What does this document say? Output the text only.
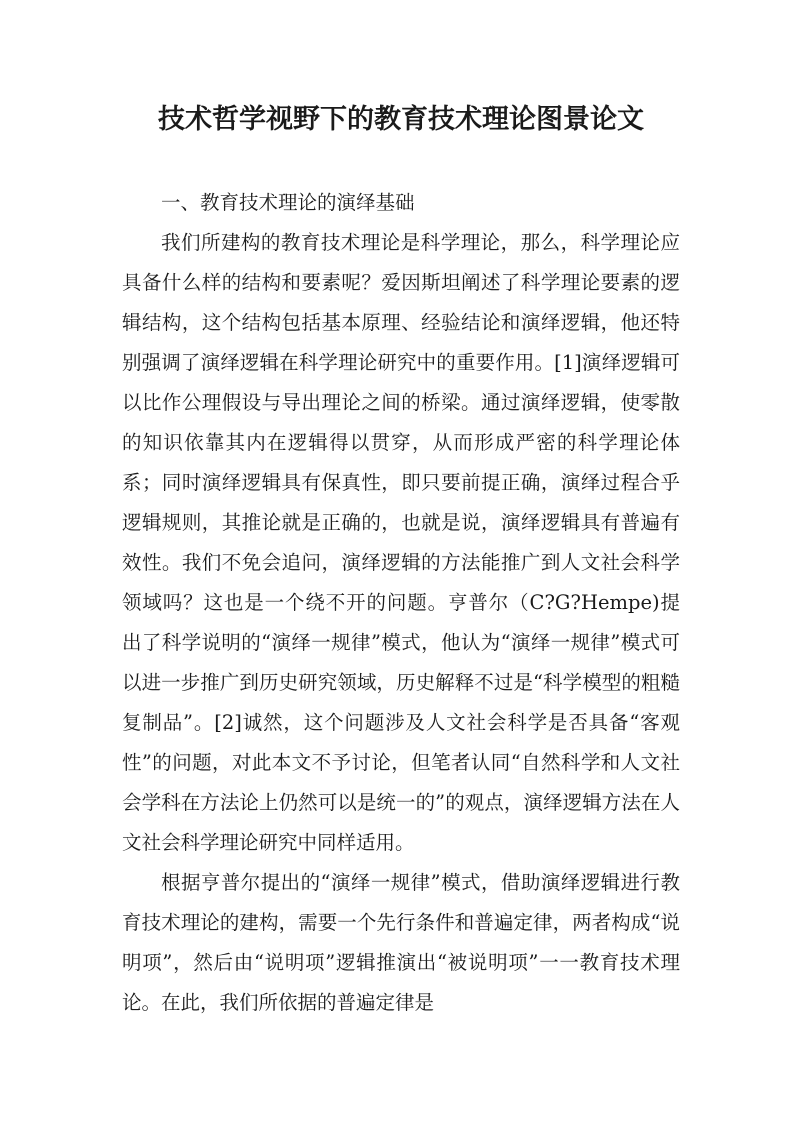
技术哲学视野下的教育技术理论图景论文

一、教育技术理论的演绎基础

我们所建构的教育技术理论是科学理论，那么，科学理论应具备什么样的结构和要素呢？爱因斯坦阐述了科学理论要素的逻辑结构，这个结构包括基本原理、经验结论和演绎逻辑，他还特别强调了演绎逻辑在科学理论研究中的重要作用。[1]演绎逻辑可以比作公理假设与导出理论之间的桥梁。通过演绎逻辑，使零散的知识依靠其内在逻辑得以贯穿，从而形成严密的科学理论体系；同时演绎逻辑具有保真性，即只要前提正确，演绎过程合乎逻辑规则，其推论就是正确的，也就是说，演绎逻辑具有普遍有效性。我们不免会追问，演绎逻辑的方法能推广到人文社会科学领域吗？这也是一个绕不开的问题。亨普尔（C?G?Hempe)提出了科学说明的“演绎一规律”模式，他认为“演绎一规律”模式可以进一步推广到历史研究领域，历史解释不过是“科学模型的粗糙复制品”。[2]诚然，这个问题涉及人文社会科学是否具备“客观性”的问题，对此本文不予讨论，但笔者认同“自然科学和人文社会学科在方法论上仍然可以是统一的”的观点，演绎逻辑方法在人文社会科学理论研究中同样适用。

根据亨普尔提出的“演绎一规律”模式，借助演绎逻辑进行教育技术理论的建构，需要一个先行条件和普遍定律，两者构成“说明项”，然后由“说明项”逻辑推演出“被说明项”一一教育技术理论。在此，我们所依据的普遍定律是
